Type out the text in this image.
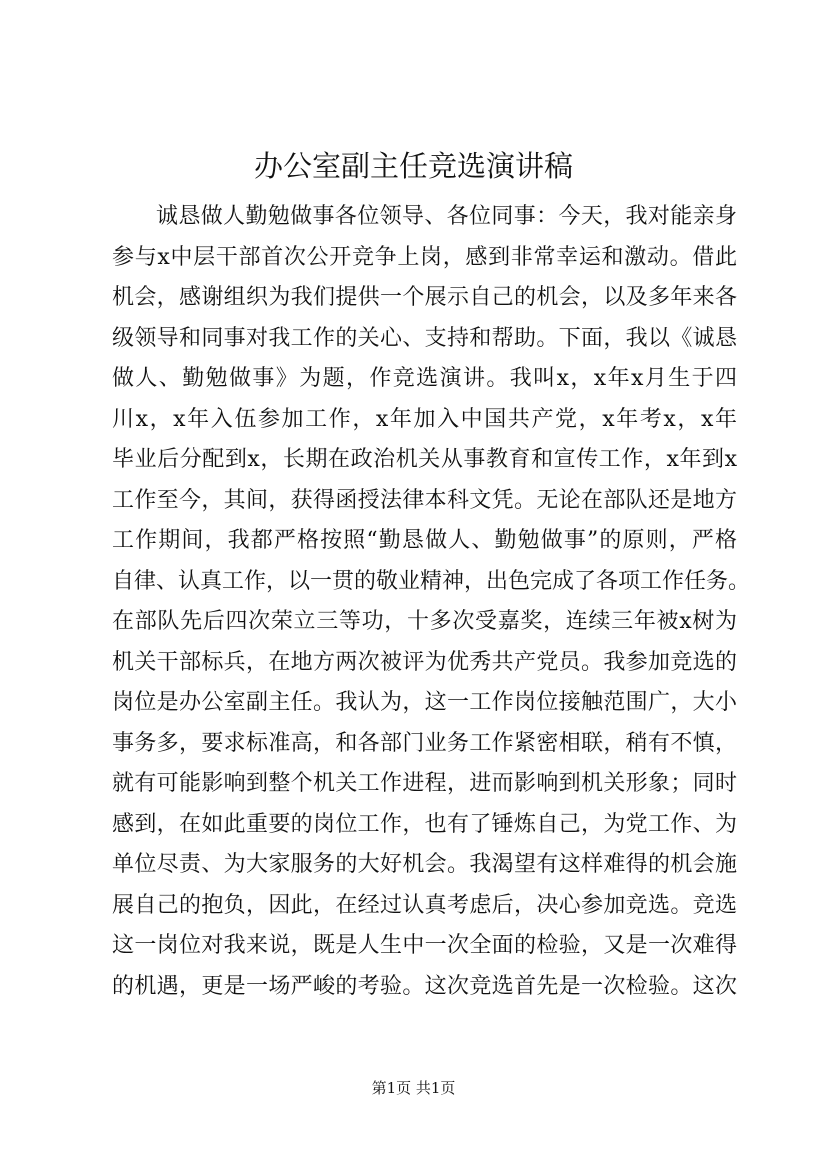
办公室副主任竞选演讲稿
诚恳做人勤勉做事各位领导、各位同事：今天，我对能亲身
参与x中层干部首次公开竞争上岗，感到非常幸运和激动。借此
机会，感谢组织为我们提供一个展示自己的机会，以及多年来各
级领导和同事对我工作的关心、支持和帮助。下面，我以《诚恳
做人、勤勉做事》为题，作竞选演讲。我叫x，x年x月生于四
川x，x年入伍参加工作，x年加入中国共产党，x年考x，x年
毕业后分配到x，长期在政治机关从事教育和宣传工作，x年到x
工作至今，其间，获得函授法律本科文凭。无论在部队还是地方
工作期间，我都严格按照“勤恳做人、勤勉做事”的原则，严格
自律、认真工作，以一贯的敬业精神，出色完成了各项工作任务。
在部队先后四次荣立三等功，十多次受嘉奖，连续三年被x树为
机关干部标兵，在地方两次被评为优秀共产党员。我参加竞选的
岗位是办公室副主任。我认为，这一工作岗位接触范围广，大小
事务多，要求标准高，和各部门业务工作紧密相联，稍有不慎，
就有可能影响到整个机关工作进程，进而影响到机关形象；同时
感到，在如此重要的岗位工作，也有了锤炼自己，为党工作、为
单位尽责、为大家服务的大好机会。我渴望有这样难得的机会施
展自己的抱负，因此，在经过认真考虑后，决心参加竞选。竞选
这一岗位对我来说，既是人生中一次全面的检验，又是一次难得
的机遇，更是一场严峻的考验。这次竞选首先是一次检验。这次
第1页 共1页
